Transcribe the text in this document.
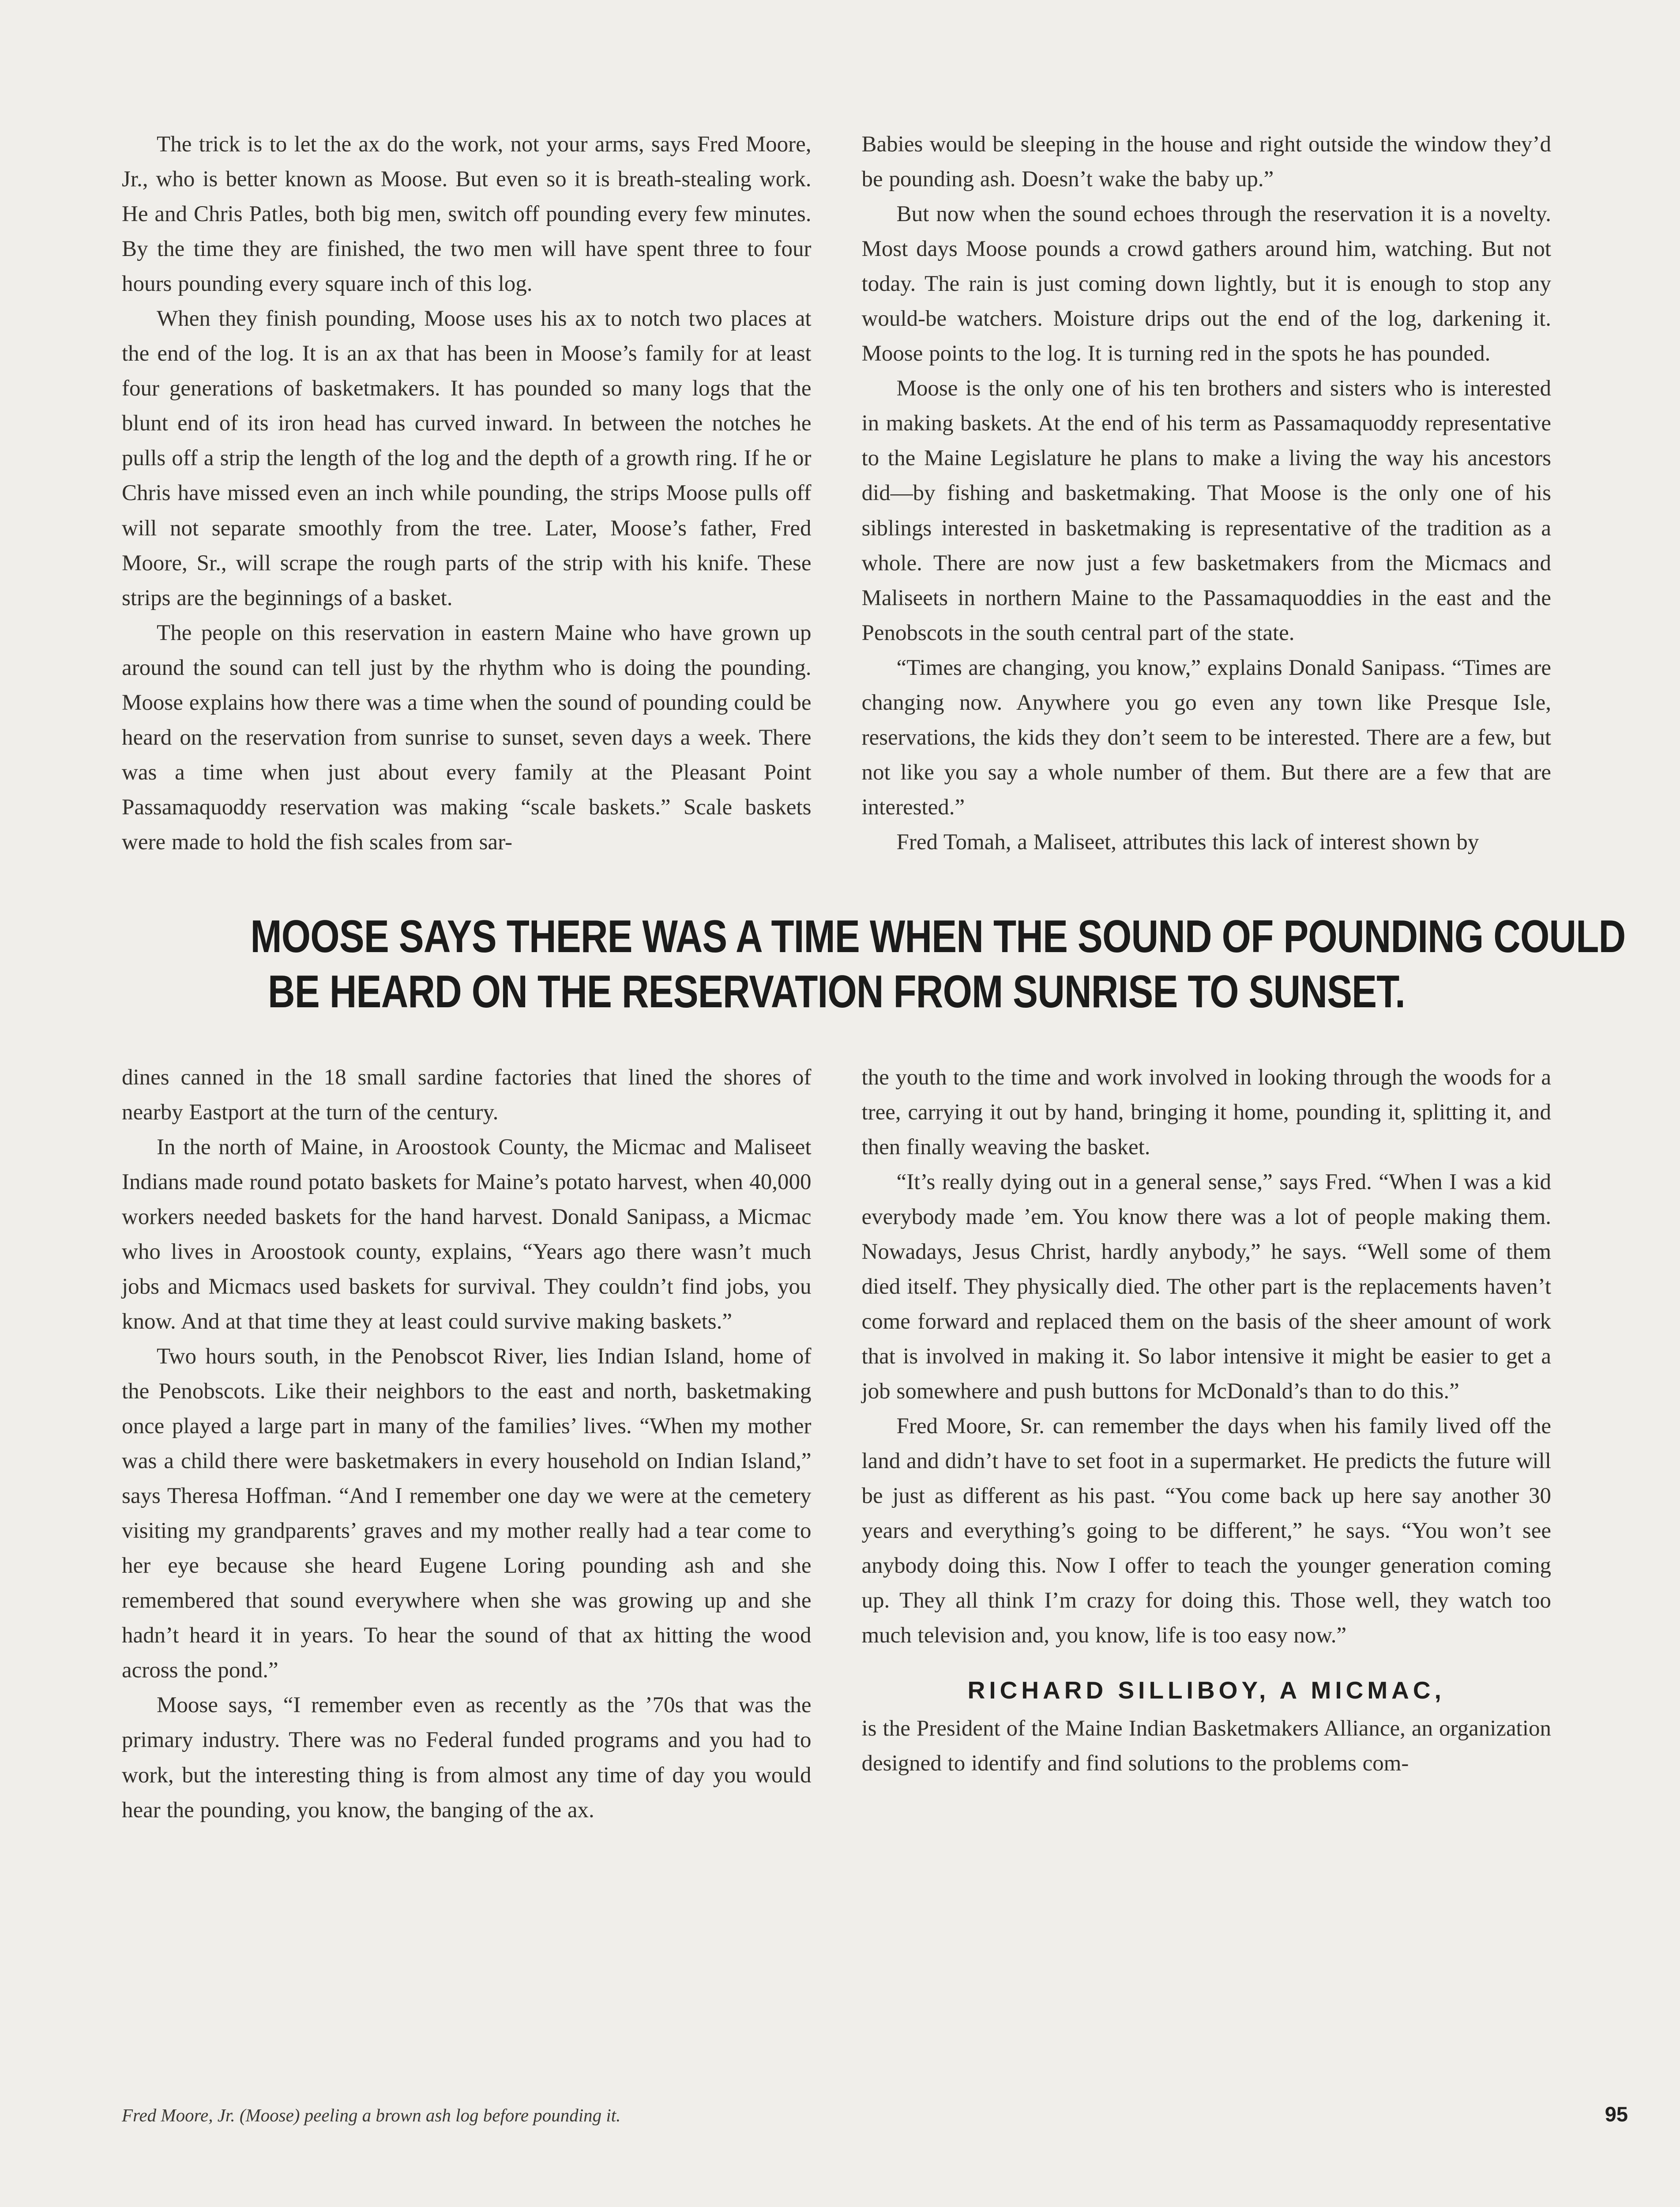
The trick is to let the ax do the work, not your arms, says Fred Moore, Jr., who is better known as Moose. But even so it is breath-stealing work. He and Chris Patles, both big men, switch off pounding every few minutes. By the time they are finished, the two men will have spent three to four hours pounding every square inch of this log.

When they finish pounding, Moose uses his ax to notch two places at the end of the log. It is an ax that has been in Moose’s family for at least four generations of basketmakers. It has pounded so many logs that the blunt end of its iron head has curved inward. In between the notches he pulls off a strip the length of the log and the depth of a growth ring. If he or Chris have missed even an inch while pounding, the strips Moose pulls off will not separate smoothly from the tree. Later, Moose’s father, Fred Moore, Sr., will scrape the rough parts of the strip with his knife. These strips are the beginnings of a basket.

The people on this reservation in eastern Maine who have grown up around the sound can tell just by the rhythm who is doing the pounding. Moose explains how there was a time when the sound of pounding could be heard on the reservation from sunrise to sunset, seven days a week. There was a time when just about every family at the Pleasant Point Passamaquoddy reservation was making “scale baskets.” Scale baskets were made to hold the fish scales from sar-

Babies would be sleeping in the house and right outside the window they’d be pounding ash. Doesn’t wake the baby up.”

But now when the sound echoes through the reservation it is a novelty. Most days Moose pounds a crowd gathers around him, watching. But not today. The rain is just coming down lightly, but it is enough to stop any would-be watchers. Moisture drips out the end of the log, darkening it. Moose points to the log. It is turning red in the spots he has pounded.

Moose is the only one of his ten brothers and sisters who is interested in making baskets. At the end of his term as Passamaquoddy representative to the Maine Legislature he plans to make a living the way his ancestors did—by fishing and basketmaking. That Moose is the only one of his siblings interested in basketmaking is representative of the tradition as a whole. There are now just a few basketmakers from the Micmacs and Maliseets in northern Maine to the Passamaquoddies in the east and the Penobscots in the south central part of the state.

“Times are changing, you know,” explains Donald Sanipass. “Times are changing now. Anywhere you go even any town like Presque Isle, reservations, the kids they don’t seem to be interested. There are a few, but not like you say a whole number of them. But there are a few that are interested.”

Fred Tomah, a Maliseet, attributes this lack of interest shown by

MOOSE SAYS THERE WAS A TIME WHEN THE SOUND OF POUNDING COULD

BE HEARD ON THE RESERVATION FROM SUNRISE TO SUNSET.

dines canned in the 18 small sardine factories that lined the shores of nearby Eastport at the turn of the century.

In the north of Maine, in Aroostook County, the Micmac and Maliseet Indians made round potato baskets for Maine’s potato harvest, when 40,000 workers needed baskets for the hand harvest. Donald Sanipass, a Micmac who lives in Aroostook county, explains, “Years ago there wasn’t much jobs and Micmacs used baskets for survival. They couldn’t find jobs, you know. And at that time they at least could survive making baskets.”

Two hours south, in the Penobscot River, lies Indian Island, home of the Penobscots. Like their neighbors to the east and north, basketmaking once played a large part in many of the families’ lives. “When my mother was a child there were basketmakers in every household on Indian Island,” says Theresa Hoffman. “And I remember one day we were at the cemetery visiting my grandparents’ graves and my mother really had a tear come to her eye because she heard Eugene Loring pounding ash and she remembered that sound everywhere when she was growing up and she hadn’t heard it in years. To hear the sound of that ax hitting the wood across the pond.”

Moose says, “I remember even as recently as the ’70s that was the primary industry. There was no Federal funded programs and you had to work, but the interesting thing is from almost any time of day you would hear the pounding, you know, the banging of the ax.

the youth to the time and work involved in looking through the woods for a tree, carrying it out by hand, bringing it home, pounding it, splitting it, and then finally weaving the basket.

“It’s really dying out in a general sense,” says Fred. “When I was a kid everybody made ’em. You know there was a lot of people making them. Nowadays, Jesus Christ, hardly anybody,” he says. “Well some of them died itself. They physically died. The other part is the replacements haven’t come forward and replaced them on the basis of the sheer amount of work that is involved in making it. So labor intensive it might be easier to get a job somewhere and push buttons for McDonald’s than to do this.”

Fred Moore, Sr. can remember the days when his family lived off the land and didn’t have to set foot in a supermarket. He predicts the future will be just as different as his past. “You come back up here say another 30 years and everything’s going to be different,” he says. “You won’t see anybody doing this. Now I offer to teach the younger generation coming up. They all think I’m crazy for doing this. Those well, they watch too much television and, you know, life is too easy now.”

RICHARD SILLIBOY, A MICMAC,

is the President of the Maine Indian Basketmakers Alliance, an organization designed to identify and find solutions to the problems com-

Fred Moore, Jr. (Moose) peeling a brown ash log before pounding it.	95
